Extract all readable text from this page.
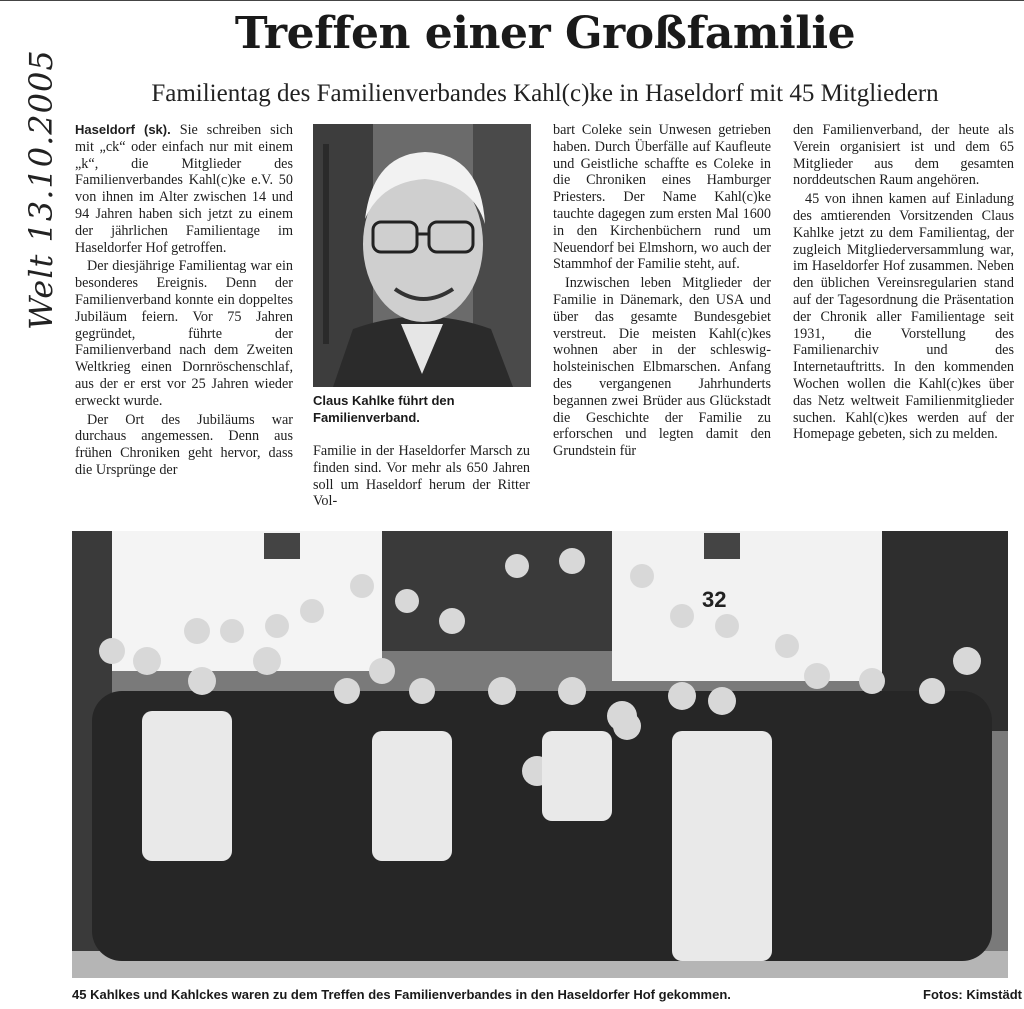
Welt 13.10.2005
Treffen einer Großfamilie
Familientag des Familienverbandes Kahl(c)ke in Haseldorf mit 45 Mitgliedern

Haseldorf (sk). Sie schreiben sich mit „ck“ oder einfach nur mit einem „k“, die Mitglieder des Familienverbandes Kahl(c)ke e.V. 50 von ihnen im Alter zwischen 14 und 94 Jahren haben sich jetzt zu einem der jährlichen Familientage im Haseldorfer Hof getroffen.

Der diesjährige Familientag war ein besonderes Ereignis. Denn der Familienverband konnte ein doppeltes Jubiläum feiern. Vor 75 Jahren gegründet, führte der Familienverband nach dem Zweiten Weltkrieg einen Dornröschenschlaf, aus der er erst vor 25 Jahren wieder erweckt wurde.

Der Ort des Jubiläums war durchaus angemessen. Denn aus frühen Chroniken geht hervor, dass die Ursprünge der

Claus Kahlke führt den Familienverband.

Familie in der Haseldorfer Marsch zu finden sind. Vor mehr als 650 Jahren soll um Haseldorf herum der Ritter Vol-

bart Coleke sein Unwesen getrieben haben. Durch Überfälle auf Kaufleute und Geistliche schaffte es Coleke in die Chroniken eines Hamburger Priesters. Der Name Kahl(c)ke tauchte dagegen zum ersten Mal 1600 in den Kirchenbüchern rund um Neuendorf bei Elmshorn, wo auch der Stammhof der Familie steht, auf.

Inzwischen leben Mitglieder der Familie in Dänemark, den USA und über das gesamte Bundesgebiet verstreut. Die meisten Kahl(c)kes wohnen aber in der schleswig-holsteinischen Elbmarschen. Anfang des vergangenen Jahrhunderts begannen zwei Brüder aus Glückstadt die Geschichte der Familie zu erforschen und legten damit den Grundstein für

den Familienverband, der heute als Verein organisiert ist und dem 65 Mitglieder aus dem gesamten norddeutschen Raum angehören.

45 von ihnen kamen auf Einladung des amtierenden Vorsitzenden Claus Kahlke jetzt zu dem Familientag, der zugleich Mitgliederversammlung war, im Haseldorfer Hof zusammen. Neben den üblichen Vereinsregularien stand auf der Tagesordnung die Präsentation der Chronik aller Familientage seit 1931, die Vorstellung des Familienarchiv und des Internetauftritts. In den kommenden Wochen wollen die Kahl(c)kes über das Netz weltweit Familienmitglieder suchen. Kahl(c)kes werden auf der Homepage gebeten, sich zu melden.

32
45 Kahlkes und Kahlckes waren zu dem Treffen des Familienverbandes in den Haseldorfer Hof gekommen.	Fotos: Kimstädt
